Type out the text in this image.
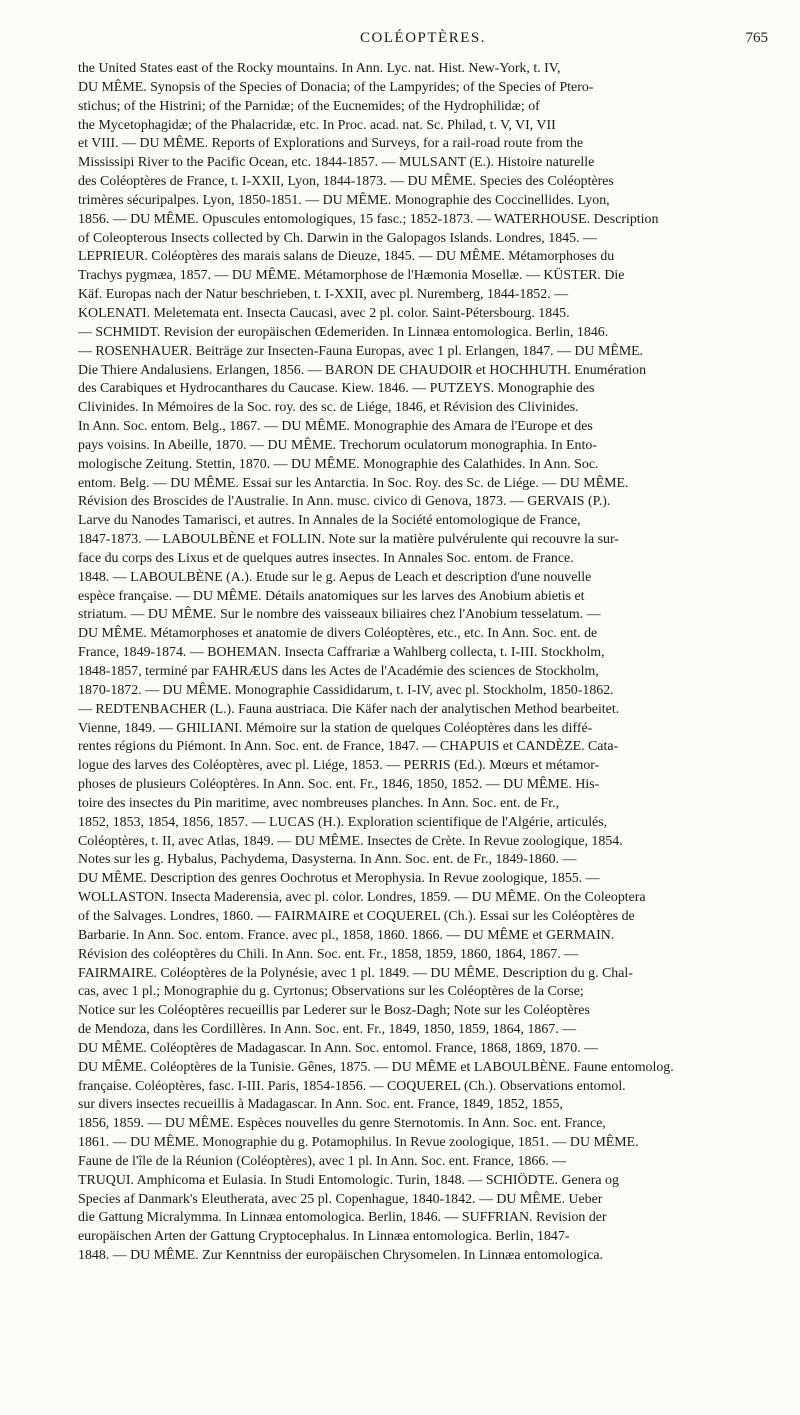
COLÉOPTÈRES.	765
the United States east of the Rocky mountains. In Ann. Lyc. nat. Hist. New-York, t. IV,
DU MÊME. Synopsis of the Species of Donacia; of the Lampyrides; of the Species of Ptero-
stichus; of the Histrini; of the Parnidæ; of the Eucnemides; of the Hydrophilidæ; of
the Mycetophagidæ; of the Phalacridæ, etc. In Proc. acad. nat. Sc. Philad, t. V, VI, VII
et VIII. — DU MÊME. Reports of Explorations and Surveys, for a rail-road route from the
Mississipi River to the Pacific Ocean, etc. 1844-1857. — MULSANT (E.). Histoire naturelle
des Coléoptères de France, t. I-XXII, Lyon, 1844-1873. — DU MÊME. Species des Coléoptères
trimères sécuripalpes. Lyon, 1850-1851. — DU MÊME. Monographie des Coccinellides. Lyon,
1856. — DU MÊME. Opuscules entomologiques, 15 fasc.; 1852-1873. — WATERHOUSE. Description
of Coleopterous Insects collected by Ch. Darwin in the Galopagos Islands. Londres, 1845. —
LEPRIEUR. Coléoptères des marais salans de Dieuze, 1845. — DU MÊME. Métamorphoses du
Trachys pygmæa, 1857. — DU MÊME. Métamorphose de l'Hæmonia Mosellæ. — KÜSTER. Die
Käf. Europas nach der Natur beschrieben, t. I-XXII, avec pl. Nuremberg, 1844-1852. —
KOLENATI. Meletemata ent. Insecta Caucasi, avec 2 pl. color. Saint-Pétersbourg. 1845.
— SCHMIDT. Revision der europäischen Œdemeriden. In Linnæa entomologica. Berlin, 1846.
— ROSENHAUER. Beiträge zur Insecten-Fauna Europas, avec 1 pl. Erlangen, 1847. — DU MÊME.
Die Thiere Andalusiens. Erlangen, 1856. — BARON DE CHAUDOIR et HOCHHUTH. Enumération
des Carabiques et Hydrocanthares du Caucase. Kiew. 1846. — PUTZEYS. Monographie des
Clivinides. In Mémoires de la Soc. roy. des sc. de Liége, 1846, et Révision des Clivinides.
In Ann. Soc. entom. Belg., 1867. — DU MÊME. Monographie des Amara de l'Europe et des
pays voisins. In Abeille, 1870. — DU MÊME. Trechorum oculatorum monographia. In Ento-
mologische Zeitung. Stettin, 1870. — DU MÊME. Monographie des Calathides. In Ann. Soc.
entom. Belg. — DU MÊME. Essai sur les Antarctia. In Soc. Roy. des Sc. de Liége. — DU MÊME.
Révision des Broscides de l'Australie. In Ann. musc. civico di Genova, 1873. — GERVAIS (P.).
Larve du Nanodes Tamarisci, et autres. In Annales de la Société entomologique de France,
1847-1873. — LABOULBÈNE et FOLLIN. Note sur la matière pulvérulente qui recouvre la sur-
face du corps des Lixus et de quelques autres insectes. In Annales Soc. entom. de France.
1848. — LABOULBÈNE (A.). Etude sur le g. Aepus de Leach et description d'une nouvelle
espèce française. — DU MÊME. Détails anatomiques sur les larves des Anobium abietis et
striatum. — DU MÊME. Sur le nombre des vaisseaux biliaires chez l'Anobium tesselatum. —
DU MÊME. Métamorphoses et anatomie de divers Coléoptères, etc., etc. In Ann. Soc. ent. de
France, 1849-1874. — BOHEMAN. Insecta Caffrariæ a Wahlberg collecta, t. I-III. Stockholm,
1848-1857, terminé par FAHRÆUS dans les Actes de l'Académie des sciences de Stockholm,
1870-1872. — DU MÊME. Monographie Cassididarum, t. I-IV, avec pl. Stockholm, 1850-1862.
— REDTENBACHER (L.). Fauna austriaca. Die Käfer nach der analytischen Method bearbeitet.
Vienne, 1849. — GHILIANI. Mémoire sur la station de quelques Coléoptères dans les diffé-
rentes régions du Piémont. In Ann. Soc. ent. de France, 1847. — CHAPUIS et CANDÈZE. Cata-
logue des larves des Coléoptères, avec pl. Liége, 1853. — PERRIS (Ed.). Mœurs et métamor-
phoses de plusieurs Coléoptères. In Ann. Soc. ent. Fr., 1846, 1850, 1852. — DU MÊME. His-
toire des insectes du Pin maritime, avec nombreuses planches. In Ann. Soc. ent. de Fr.,
1852, 1853, 1854, 1856, 1857. — LUCAS (H.). Exploration scientifique de l'Algérie, articulés,
Coléoptères, t. II, avec Atlas, 1849. — DU MÊME. Insectes de Crète. In Revue zoologique, 1854.
Notes sur les g. Hybalus, Pachydema, Dasysterna. In Ann. Soc. ent. de Fr., 1849-1860. —
DU MÊME. Description des genres Oochrotus et Merophysia. In Revue zoologique, 1855. —
WOLLASTON. Insecta Maderensia, avec pl. color. Londres, 1859. — DU MÊME. On the Coleoptera
of the Salvages. Londres, 1860. — FAIRMAIRE et COQUEREL (Ch.). Essai sur les Coléoptères de
Barbarie. In Ann. Soc. entom. France. avec pl., 1858, 1860. 1866. — DU MÊME et GERMAIN.
Révision des coléoptères du Chili. In Ann. Soc. ent. Fr., 1858, 1859, 1860, 1864, 1867. —
FAIRMAIRE. Coléoptères de la Polynésie, avec 1 pl. 1849. — DU MÊME. Description du g. Chal-
cas, avec 1 pl.; Monographie du g. Cyrtonus; Observations sur les Coléoptères de la Corse;
Notice sur les Coléoptères recueillis par Lederer sur le Bosz-Dagh; Note sur les Coléoptères
de Mendoza, dans les Cordillères. In Ann. Soc. ent. Fr., 1849, 1850, 1859, 1864, 1867. —
DU MÊME. Coléoptères de Madagascar. In Ann. Soc. entomol. France, 1868, 1869, 1870. —
DU MÊME. Coléoptères de la Tunisie. Gênes, 1875. — DU MÊME et LABOULBÈNE. Faune entomolog.
française. Coléoptères, fasc. I-III. Paris, 1854-1856. — COQUEREL (Ch.). Observations entomol.
sur divers insectes recueillis à Madagascar. In Ann. Soc. ent. France, 1849, 1852, 1855,
1856, 1859. — DU MÊME. Espèces nouvelles du genre Sternotomis. In Ann. Soc. ent. France,
1861. — DU MÊME. Monographie du g. Potamophilus. In Revue zoologique, 1851. — DU MÊME.
Faune de l'île de la Réunion (Coléoptères), avec 1 pl. In Ann. Soc. ent. France, 1866. —
TRUQUI. Amphicoma et Eulasia. In Studi Entomologic. Turin, 1848. — SCHIÖDTE. Genera og
Species af Danmark's Eleutherata, avec 25 pl. Copenhague, 1840-1842. — DU MÊME. Ueber
die Gattung Micralymma. In Linnæa entomologica. Berlin, 1846. — SUFFRIAN. Revision der
europäischen Arten der Gattung Cryptocephalus. In Linnæa entomologica. Berlin, 1847-
1848. — DU MÊME. Zur Kenntniss der europäischen Chrysomelen. In Linnæa entomologica.
